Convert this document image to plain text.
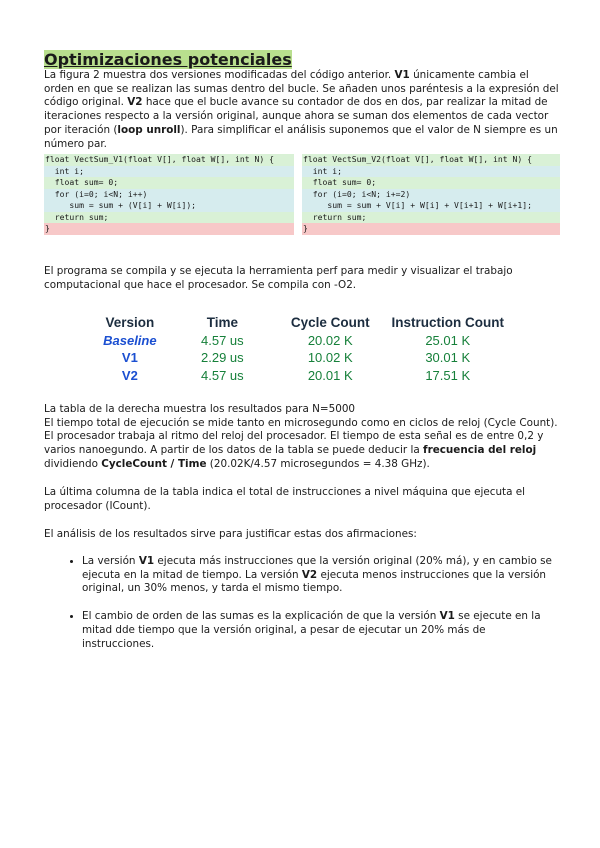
Optimizaciones potenciales

La figura 2 muestra dos versiones modificadas del código anterior. V1 únicamente cambia el orden en que se realizan las sumas dentro del bucle. Se añaden unos paréntesis a la expresión del código original. V2 hace que el bucle avance su contador de dos en dos, par realizar la mitad de iteraciones respecto a la versión original, aunque ahora se suman dos elementos de cada vector por iteración (loop unroll). Para simplificar el análisis suponemos que el valor de N siempre es un número par.

float VectSum_V1(float V[], float W[], int N) {
int i;
float sum= 0;
for (i=0; i<N; i++)
sum = sum + (V[i] + W[i]);
return sum;
}
float VectSum_V2(float V[], float W[], int N) {
int i;
float sum= 0;
for (i=0; i<N; i+=2)
sum = sum + V[i] + W[i] + V[i+1] + W[i+1];
return sum;
}

El programa se compila y se ejecuta la herramienta perf para medir y visualizar el trabajo computacional que hace el procesador. Se compila con -O2.

Version	Time	Cycle Count	Instruction Count
Baseline	4.57 us	20.02 K	25.01 K
V1	2.29 us	10.02 K	30.01 K
V2	4.57 us	20.01 K	17.51 K

La tabla de la derecha muestra los resultados para N=5000
El tiempo total de ejecución se mide tanto en microsegundo como en ciclos de reloj (Cycle Count). El procesador trabaja al ritmo del reloj del procesador. El tiempo de esta señal es de entre 0,2 y varios nanoegundo. A partir de los datos de la tabla se puede deducir la frecuencia del reloj dividiendo CycleCount / Time (20.02K/4.57 microsegundos = 4.38 GHz).

La última columna de la tabla indica el total de instrucciones a nivel máquina que ejecuta el procesador (ICount).

El análisis de los resultados sirve para justificar estas dos afirmaciones:

• La versión V1 ejecuta más instrucciones que la versión original (20% má), y en cambio se ejecuta en la mitad de tiempo. La versión V2 ejecuta menos instrucciones que la versión original, un 30% menos, y tarda el mismo tiempo.
• El cambio de orden de las sumas es la explicación de que la versión V1 se ejecute en la mitad dde tiempo que la versión original, a pesar de ejecutar un 20% más de instrucciones.
